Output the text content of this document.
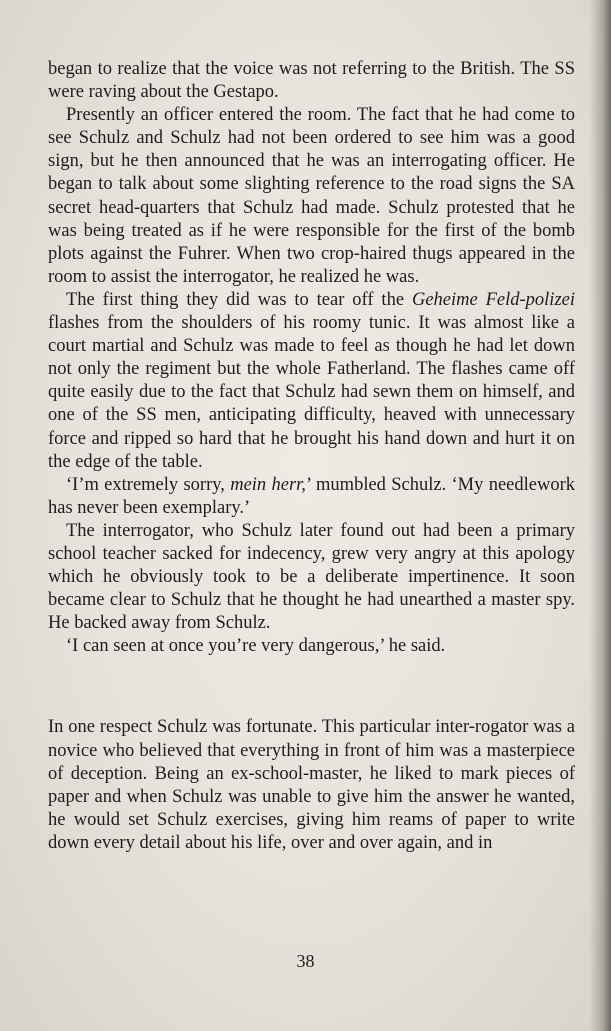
began to realize that the voice was not referring to the British. The SS were raving about the Gestapo.

Presently an officer entered the room. The fact that he had come to see Schulz and Schulz had not been ordered to see him was a good sign, but he then announced that he was an interrogating officer. He began to talk about some slighting reference to the road signs the SA secret head-quarters that Schulz had made. Schulz protested that he was being treated as if he were responsible for the first of the bomb plots against the Fuhrer. When two crop-haired thugs appeared in the room to assist the interrogator, he realized he was.

The first thing they did was to tear off the Geheime Feld-polizei flashes from the shoulders of his roomy tunic. It was almost like a court martial and Schulz was made to feel as though he had let down not only the regiment but the whole Fatherland. The flashes came off quite easily due to the fact that Schulz had sewn them on himself, and one of the SS men, anticipating difficulty, heaved with unnecessary force and ripped so hard that he brought his hand down and hurt it on the edge of the table.

‘I’m extremely sorry, mein herr,’ mumbled Schulz. ‘My needlework has never been exemplary.’

The interrogator, who Schulz later found out had been a primary school teacher sacked for indecency, grew very angry at this apology which he obviously took to be a deliberate impertinence. It soon became clear to Schulz that he thought he had unearthed a master spy. He backed away from Schulz.

‘I can seen at once you’re very dangerous,’ he said.

In one respect Schulz was fortunate. This particular inter-rogator was a novice who believed that everything in front of him was a masterpiece of deception. Being an ex-school-master, he liked to mark pieces of paper and when Schulz was unable to give him the answer he wanted, he would set Schulz exercises, giving him reams of paper to write down every detail about his life, over and over again, and in

38
